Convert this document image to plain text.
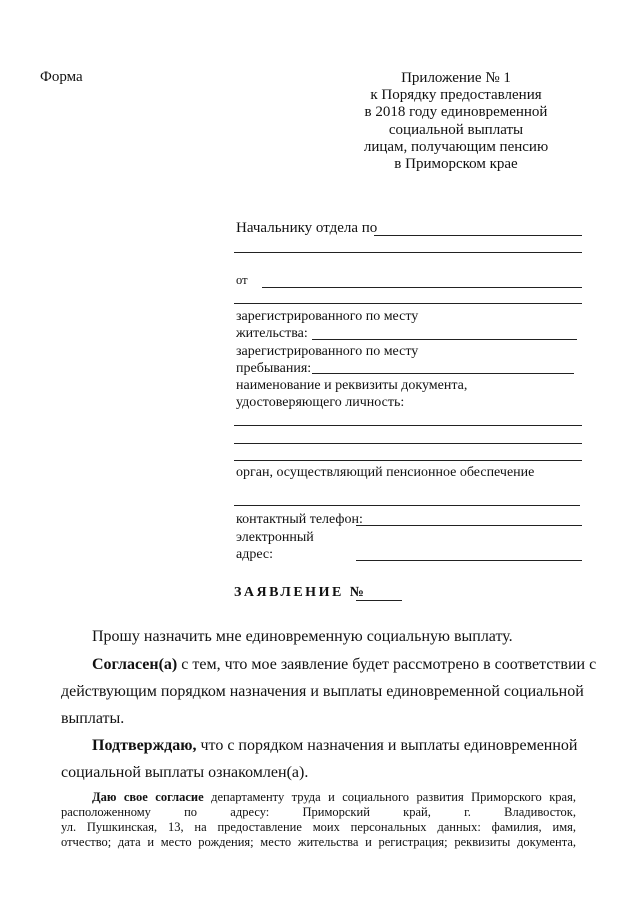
Форма	Приложение № 1
к Порядку предоставления
в 2018 году единовременной
социальной выплаты
лицам, получающим пенсию
в Приморском крае
Начальнику отдела по
от
зарегистрированного по месту
жительства:
зарегистрированного по месту
пребывания:
наименование и реквизиты документа,
удостоверяющего личность:
орган, осуществляющий пенсионное обеспечение
контактный телефон:
электронный
адрес:
ЗАЯВЛЕНИЕ №
Прошу назначить мне единовременную социальную выплату.
Согласен(а) с тем, что мое заявление будет рассмотрено в соответствии с
действующим порядком назначения и выплаты единовременной социальной
выплаты.
Подтверждаю, что с порядком назначения и выплаты единовременной
социальной выплаты ознакомлен(а).
Даю свое согласие департаменту труда и социального развития Приморского края,
расположенному по адресу: Приморский край, г. Владивосток,
ул. Пушкинская, 13, на предоставление моих персональных данных: фамилия, имя,
отчество; дата и место рождения; место жительства и регистрация; реквизиты документа,
